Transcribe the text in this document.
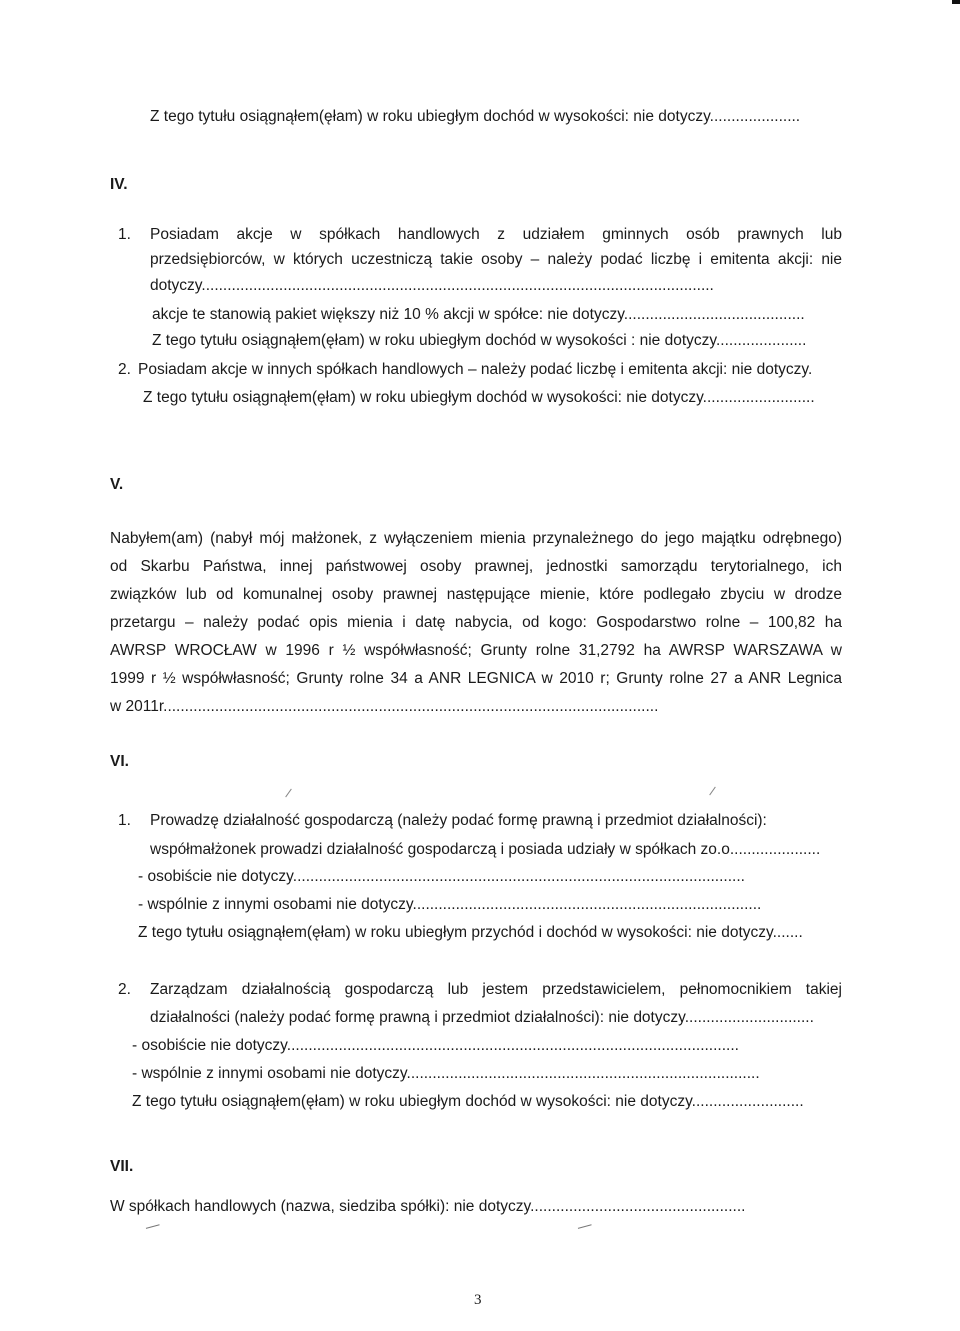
Z tego tytułu osiągnąłem(ęłam) w roku ubiegłym dochód w wysokości: nie dotyczy.....................
IV.
1. Posiadam akcje w spółkach handlowych z udziałem gminnych osób prawnych lub
przedsiębiorców, w których uczestniczą takie osoby – należy podać liczbę i emitenta akcji: nie
dotyczy.......................................................................................................................
akcje te stanowią pakiet większy niż 10 % akcji w spółce: nie dotyczy..........................................
Z tego tytułu osiągnąłem(ęłam) w roku ubiegłym dochód w wysokości : nie dotyczy.....................
2. Posiadam akcje w innych spółkach handlowych – należy podać liczbę i emitenta akcji: nie dotyczy.
Z tego tytułu osiągnąłem(ęłam) w roku ubiegłym dochód w wysokości: nie dotyczy..........................
V.
Nabyłem(am) (nabył mój małżonek, z wyłączeniem mienia przynależnego do jego majątku odrębnego)
od Skarbu Państwa, innej państwowej osoby prawnej, jednostki samorządu terytorialnego, ich
związków lub od komunalnej osoby prawnej następujące mienie, które podlegało zbyciu w drodze
przetargu – należy podać opis mienia i datę nabycia, od kogo: Gospodarstwo rolne – 100,82 ha
AWRSP WROCŁAW w 1996 r ½ współwłasność; Grunty rolne 31,2792 ha AWRSP WARSZAWA w
1999 r ½ współwłasność; Grunty rolne 34 a ANR LEGNICA w 2010 r; Grunty rolne 27 a ANR Legnica
w 2011r...................................................................................................................
VI.
1. Prowadzę działalność gospodarczą (należy podać formę prawną i przedmiot działalności):
współmałżonek prowadzi działalność gospodarczą i posiada udziały w spółkach zo.o.....................
- osobiście nie dotyczy.........................................................................................................
- wspólnie z innymi osobami nie dotyczy.................................................................................
Z tego tytułu osiągnąłem(ęłam) w roku ubiegłym przychód i dochód w wysokości: nie dotyczy.......
2. Zarządzam działalnością gospodarczą lub jestem przedstawicielem, pełnomocnikiem takiej
działalności (należy podać formę prawną i przedmiot działalności): nie dotyczy..............................
- osobiście nie dotyczy.........................................................................................................
- wspólnie z innymi osobami nie dotyczy..................................................................................
Z tego tytułu osiągnąłem(ęłam) w roku ubiegłym dochód w wysokości: nie dotyczy..........................
VII.
W spółkach handlowych (nazwa, siedziba spółki): nie dotyczy..................................................
3
